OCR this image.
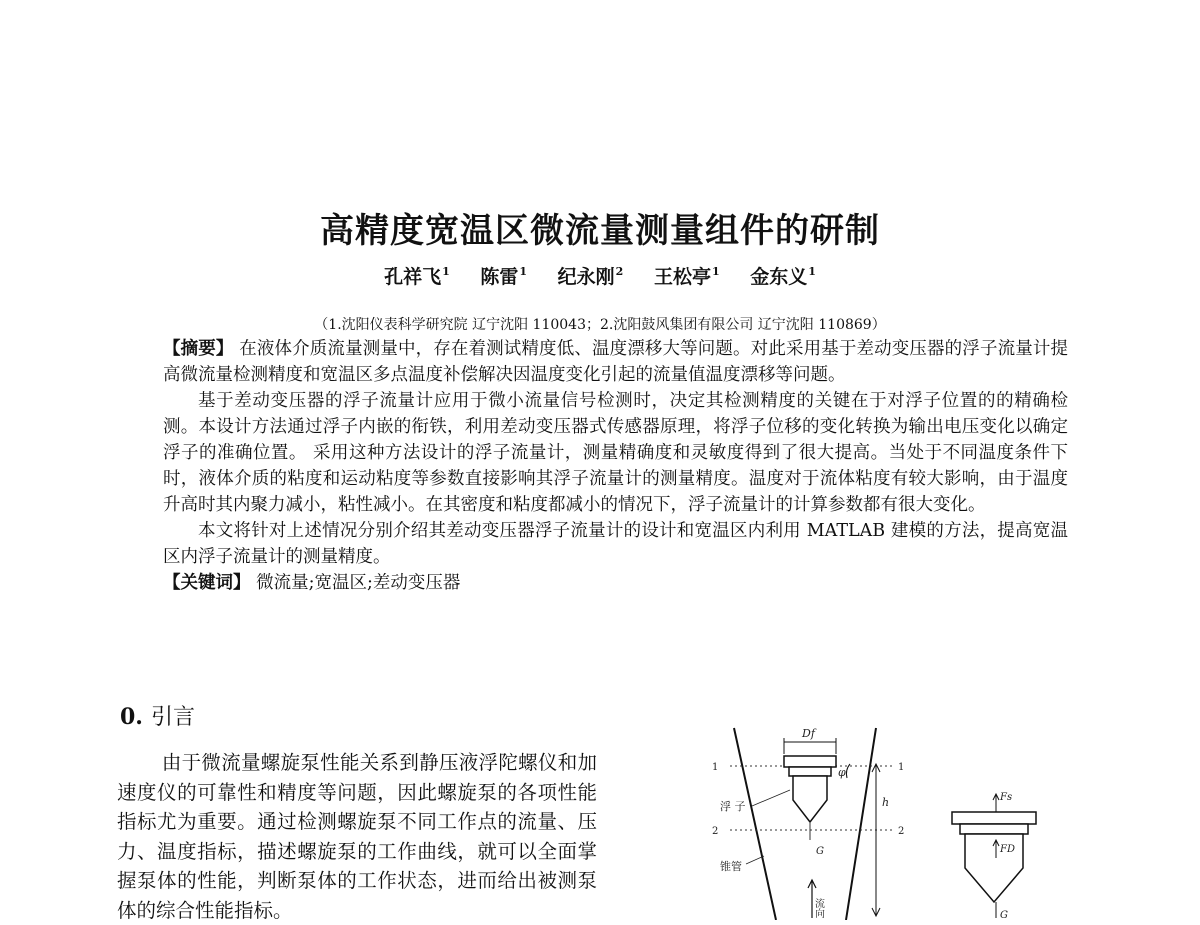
高精度宽温区微流量测量组件的研制
孔祥飞$^1$ 陈雷$^1$ 纪永刚$^2$ 王松亭$^1$ 金东义$^1$
（1.沈阳仪表科学研究院 辽宁沈阳 110043；2.沈阳鼓风集团有限公司 辽宁沈阳 110869）

【摘要】 在液体介质流量测量中，存在着测试精度低、温度漂移大等问题。对此采用基于差动变压器的浮子流量计提高微流量检测精度和宽温区多点温度补偿解决因温度变化引起的流量值温度漂移等问题。

基于差动变压器的浮子流量计应用于微小流量信号检测时，决定其检测精度的关键在于对浮子位置的的精确检测。本设计方法通过浮子内嵌的衔铁，利用差动变压器式传感器原理，将浮子位移的变化转换为输出电压变化以确定浮子的准确位置。 采用这种方法设计的浮子流量计，测量精确度和灵敏度得到了很大提高。当处于不同温度条件下时，液体介质的粘度和运动粘度等参数直接影响其浮子流量计的测量精度。温度对于流体粘度有较大影响，由于温度升高时其内聚力减小，粘性减小。在其密度和粘度都减小的情况下，浮子流量计的计算参数都有很大变化。

本文将针对上述情况分别介绍其差动变压器浮子流量计的设计和宽温区内利用 MATLAB 建模的方法，提高宽温区内浮子流量计的测量精度。

【关键词】 微流量;宽温区;差动变压器

0. 引言

由于微流量螺旋泵性能关系到静压液浮陀螺仪和加速度仪的可靠性和精度等问题，因此螺旋泵的各项性能指标尤为重要。通过检测螺旋泵不同工作点的流量、压力、温度指标，描述螺旋泵的工作曲线，就可以全面掌握泵体的性能，判断泵体的工作状态，进而给出被测泵体的综合性能指标。

Df
1	1
2	2
φ
h
浮 子
锥管
G
流向
Fs
FD
G
